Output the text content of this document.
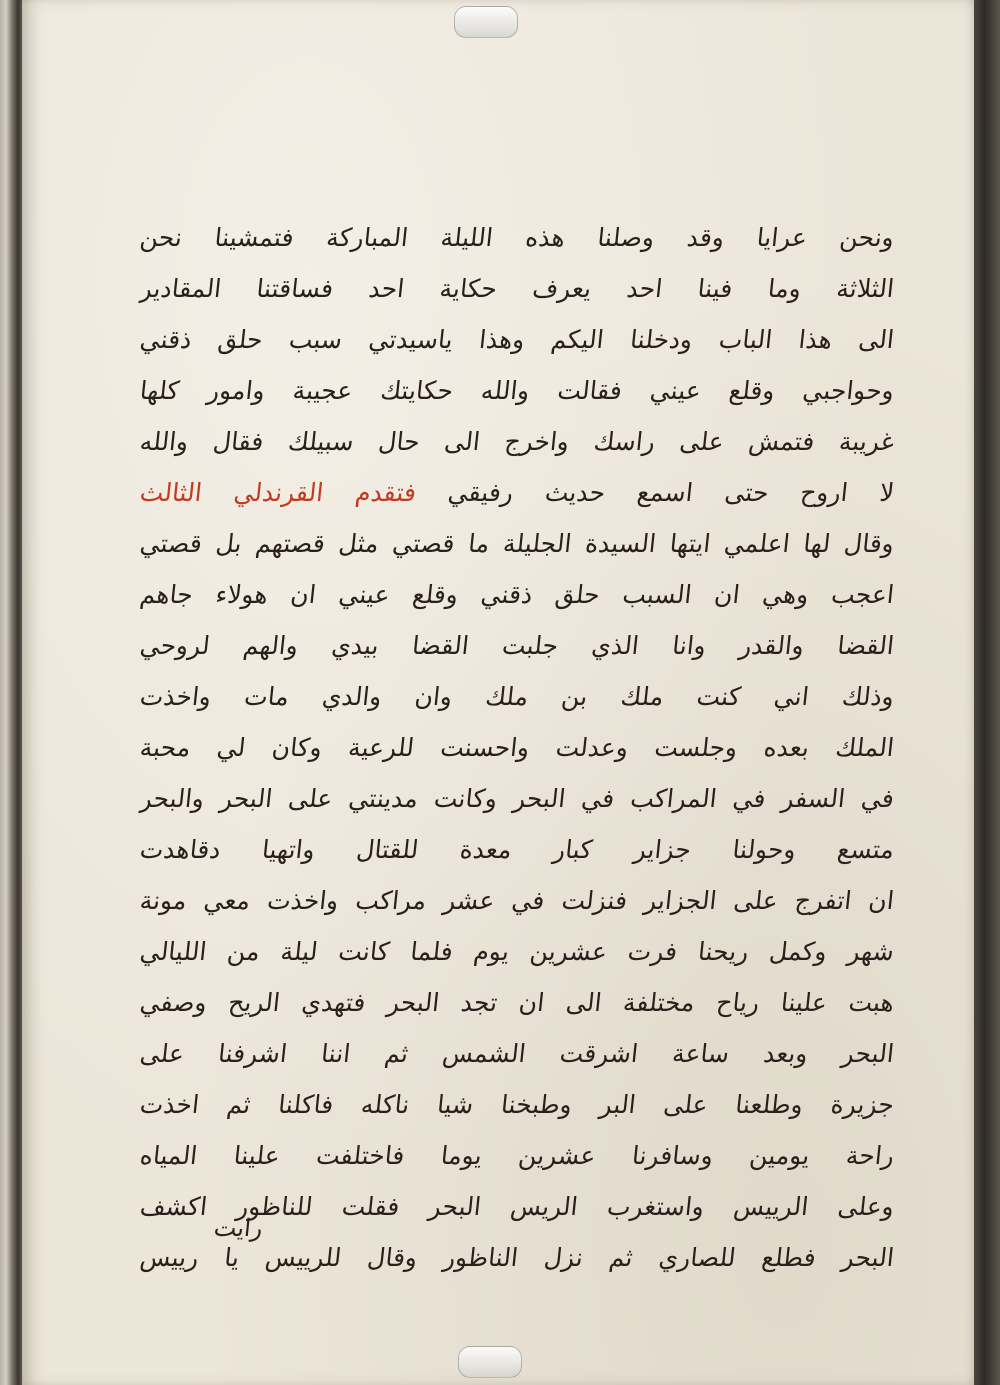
ونحن عرايا وقد وصلنا هذه الليلة المباركة فتمشينا نحن
الثلاثة وما فينا احد يعرف حكاية احد فساقتنا المقادير
الى هذا الباب ودخلنا اليكم وهذا ياسيدتي سبب حلق ذقني
وحواجبي وقلع عيني فقالت والله حكايتك عجيبة وامور كلها
غريبة فتمش على راسك واخرج الى حال سبيلك فقال والله
لا اروح حتى اسمع حديث رفيقي فتقدم القرندلي الثالث
وقال لها اعلمي ايتها السيدة الجليلة ما قصتي مثل قصتهم بل قصتي
اعجب وهي ان السبب حلق ذقني وقلع عيني ان هولاء جاهم
القضا والقدر وانا الذي جلبت القضا بيدي والهم لروحي
وذلك اني كنت ملك بن ملك وان والدي مات واخذت
الملك بعده وجلست وعدلت واحسنت للرعية وكان لي محبة
في السفر في المراكب في البحر وكانت مدينتي على البحر والبحر
متسع وحولنا جزاير كبار معدة للقتال واتهيا دقاهدت
ان اتفرج على الجزاير فنزلت في عشر مراكب واخذت معي مونة
شهر وكمل ريحنا فرت عشرين يوم فلما كانت ليلة من الليالي
هبت علينا رياح مختلفة الى ان تجد البحر فتهدي الريح وصفي
البحر وبعد ساعة اشرقت الشمس ثم اننا اشرفنا على
جزيرة وطلعنا على البر وطبخنا شيا ناكله فاكلنا ثم اخذت
راحة يومين وسافرنا عشرين يوما فاختلفت علينا المياه
وعلى الرييس واستغرب الريس البحر فقلت للناظور اكشف
البحر فطلع للصاري ثم نزل الناظور وقال للرييس يا رييس
رايت
